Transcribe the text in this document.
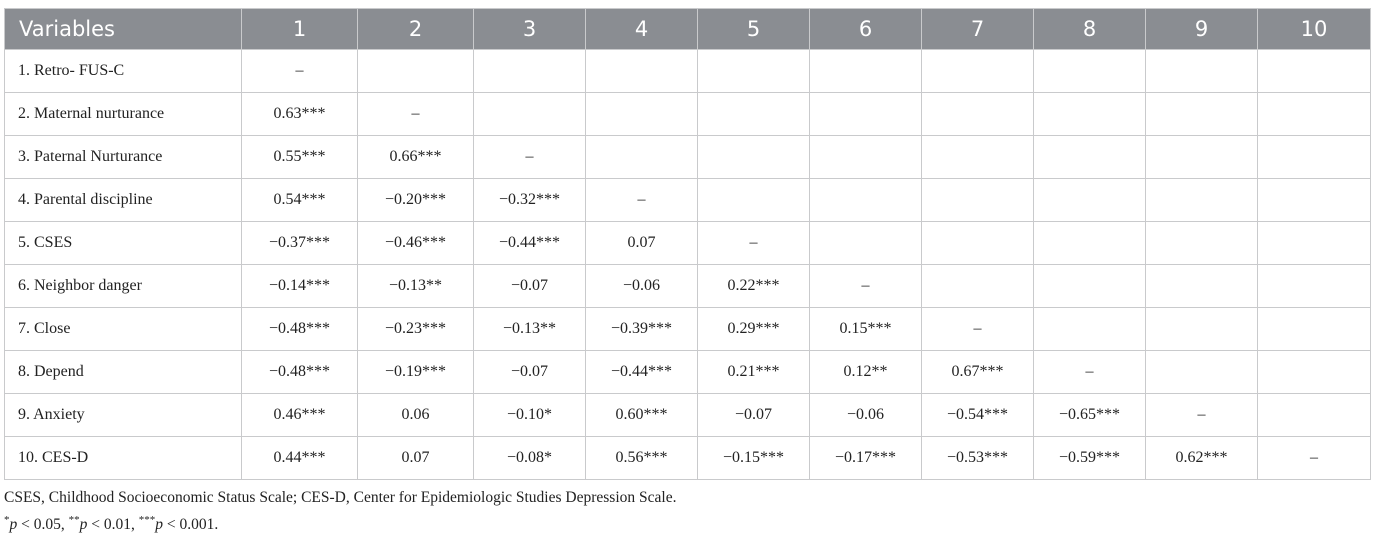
Variables	1	2	3	4	5	6	7	8	9	10
1. Retro- FUS-C	–									
2. Maternal nurturance	0.63***	–								
3. Paternal Nurturance	0.55***	0.66***	–							
4. Parental discipline	0.54***	−0.20***	−0.32***	–						
5. CSES	−0.37***	−0.46***	−0.44***	0.07	–					
6. Neighbor danger	−0.14***	−0.13**	−0.07	−0.06	0.22***	–				
7. Close	−0.48***	−0.23***	−0.13**	−0.39***	0.29***	0.15***	–			
8. Depend	−0.48***	−0.19***	−0.07	−0.44***	0.21***	0.12**	0.67***	–		
9. Anxiety	0.46***	0.06	−0.10*	0.60***	−0.07	−0.06	−0.54***	−0.65***	–	
10. CES-D	0.44***	0.07	−0.08*	0.56***	−0.15***	−0.17***	−0.53***	−0.59***	0.62***	–
CSES, Childhood Socioeconomic Status Scale; CES-D, Center for Epidemiologic Studies Depression Scale.
*p < 0.05, **p < 0.01, ***p < 0.001.
